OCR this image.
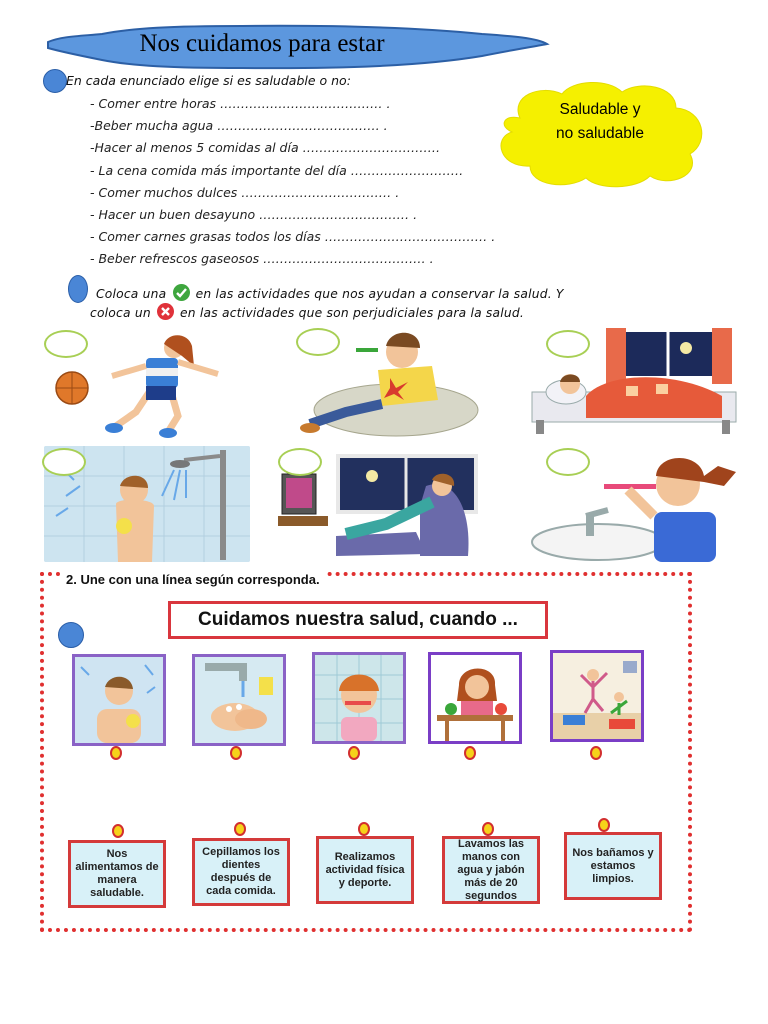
Nos cuidamos para estar
En cada enunciado elige si es saludable o no:
- Comer entre horas ………………………………… .
-Beber mucha agua ………………………………… .
-Hacer al menos 5 comidas al día ……………………………
- La cena comida más importante del día ………………………
- Comer muchos dulces ……………………………… .
- Hacer un buen desayuno ……………………………… .
- Comer carnes grasas todos los días ………………………………… .
- Beber refrescos gaseosos ………………………………… .
Saludable y
no saludable
Coloca una en las actividades que nos ayudan a conservar la salud. Y
coloca un en las actividades que son perjudiciales para la salud.
2. Une con una línea según corresponda.
Cuidamos nuestra salud, cuando ...
Nos alimentamos de manera saludable.
Cepillamos los dientes después de cada comida.
Realizamos actividad física y deporte.
Lavamos las manos con agua y jabón más de 20 segundos
Nos bañamos y estamos limpios.
